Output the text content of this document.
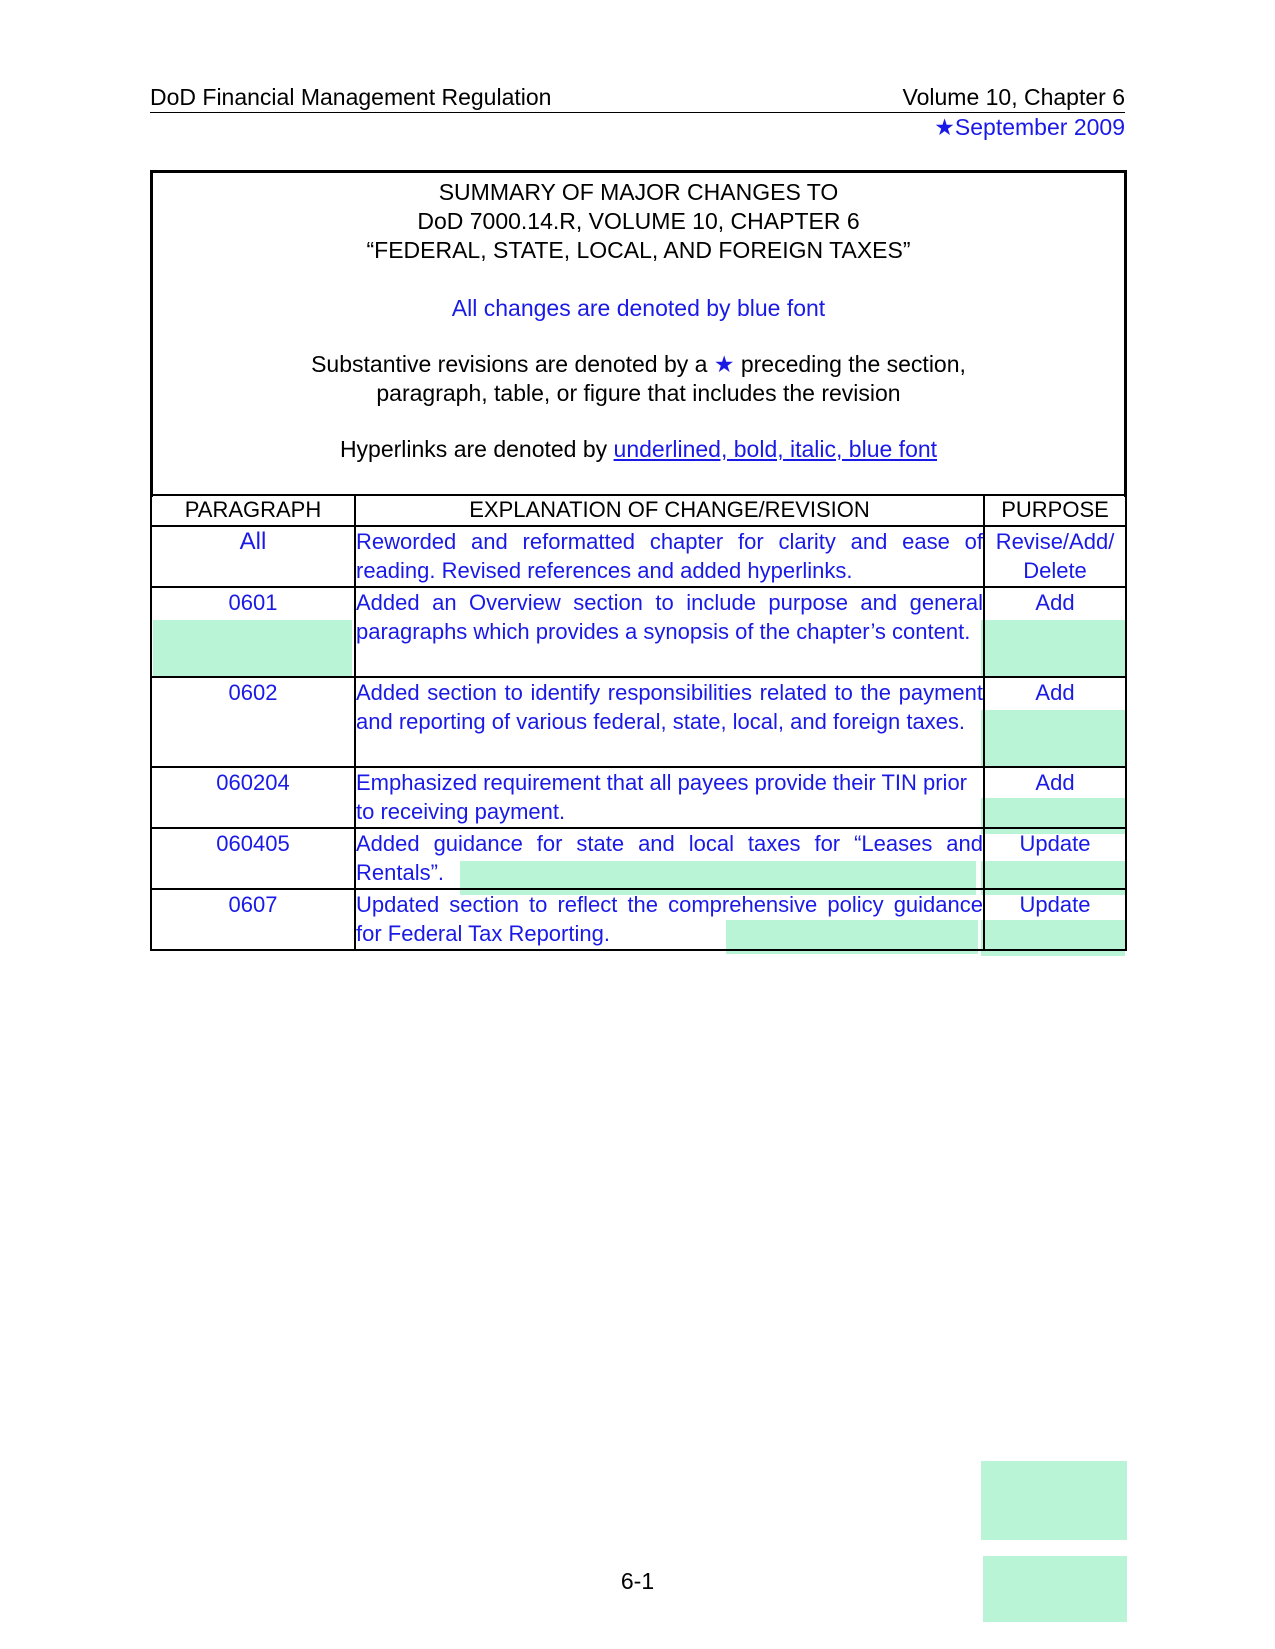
DoD Financial Management Regulation	Volume 10, Chapter 6
★September 2009
SUMMARY OF MAJOR CHANGES TO
DoD 7000.14.R, VOLUME 10, CHAPTER 6
“FEDERAL, STATE, LOCAL, AND FOREIGN TAXES”
All changes are denoted by blue font
Substantive revisions are denoted by a ★ preceding the section,
paragraph, table, or figure that includes the revision
Hyperlinks are denoted by underlined, bold, italic, blue font
PARAGRAPH	EXPLANATION OF CHANGE/REVISION	PURPOSE
All	Reworded and reformatted chapter for clarity and ease of reading. Revised references and added hyperlinks.	Revise/Add/ Delete
0601	Added an Overview section to include purpose and general paragraphs which provides a synopsis of the chapter’s content.	Add
0602	Added section to identify responsibilities related to the payment and reporting of various federal, state, local, and foreign taxes.	Add
060204	Emphasized requirement that all payees provide their TIN prior to receiving payment.	Add
060405	Added guidance for state and local taxes for “Leases and Rentals”.	Update
0607	Updated section to reflect the comprehensive policy guidance for Federal Tax Reporting.	Update
6-1
